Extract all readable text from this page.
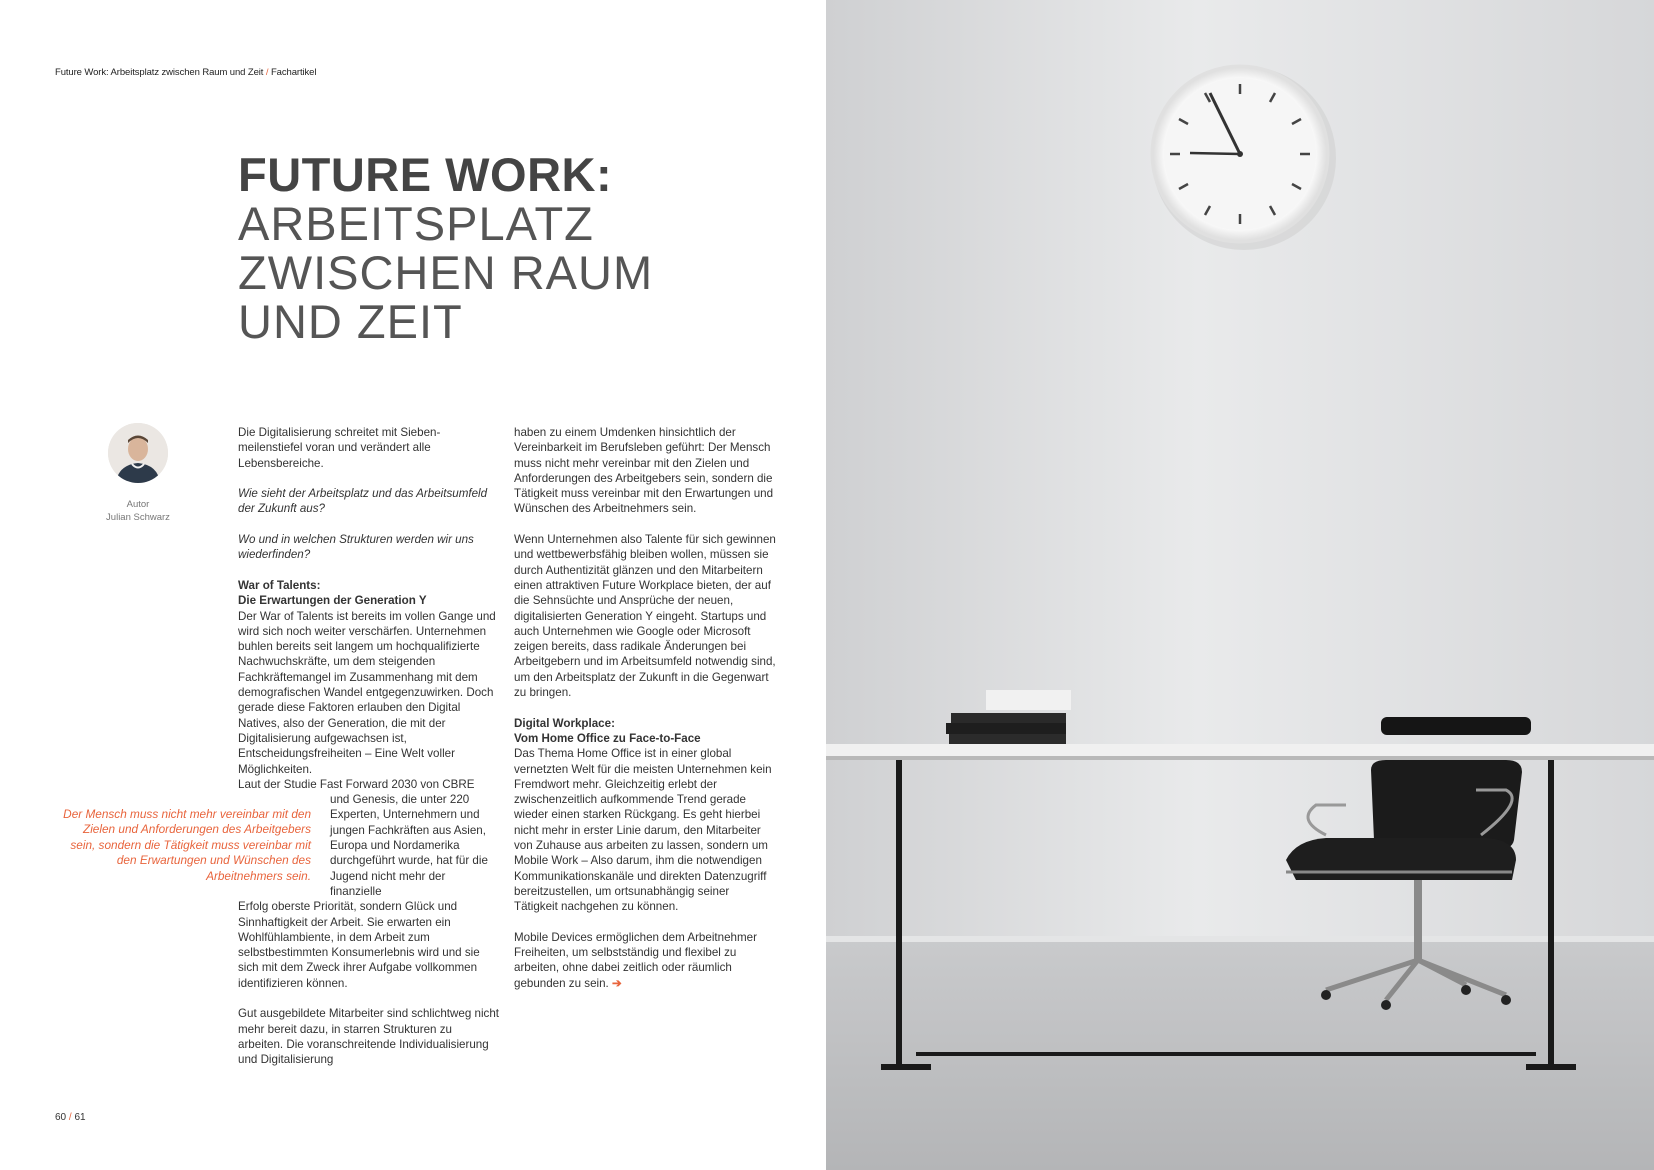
Future Work: Arbeitsplatz zwischen Raum und Zeit / Fachartikel
FUTURE WORK:
ARBEITSPLATZ
ZWISCHEN RAUM
UND ZEIT
Autor
Julian Schwarz

Die Digitalisierung schreitet mit Sieben-meilenstiefel voran und verändert alle Lebensbereiche.

Wie sieht der Arbeitsplatz und das Arbeitsumfeld der Zukunft aus?

Wo und in welchen Strukturen werden wir uns wiederfinden?

War of Talents:
Die Erwartungen der Generation Y
Der War of Talents ist bereits im vollen Gange und wird sich noch weiter verschärfen. Unternehmen buhlen bereits seit langem um hochqualifizierte Nachwuchskräfte, um dem steigenden Fachkräftemangel im Zusammenhang mit dem demografischen Wandel entgegenzuwirken. Doch gerade diese Faktoren erlauben den Digital Natives, also der Generation, die mit der Digitalisierung aufgewachsen ist, Entscheidungsfreiheiten – Eine Welt voller Möglichkeiten.
Laut der Studie Fast Forward 2030 von CBRE
und Genesis, die unter 220 Experten, Unternehmern und jungen Fachkräften aus Asien, Europa und Nordamerika durchgeführt wurde, hat für die Jugend nicht mehr der finanzielle

Erfolg oberste Priorität, sondern Glück und Sinnhaftigkeit der Arbeit. Sie erwarten ein Wohlfühlambiente, in dem Arbeit zum selbstbestimmten Konsumerlebnis wird und sie sich mit dem Zweck ihrer Aufgabe vollkommen identifizieren können.

Gut ausgebildete Mitarbeiter sind schlichtweg nicht mehr bereit dazu, in starren Strukturen zu arbeiten. Die voranschreitende Individualisierung und Digitalisierung

haben zu einem Umdenken hinsichtlich der Vereinbarkeit im Berufsleben geführt: Der Mensch muss nicht mehr vereinbar mit den Zielen und Anforderungen des Arbeitgebers sein, sondern die Tätigkeit muss vereinbar mit den Erwartungen und Wünschen des Arbeitnehmers sein.

Wenn Unternehmen also Talente für sich gewinnen und wettbewerbsfähig bleiben wollen, müssen sie durch Authentizität glänzen und den Mitarbeitern einen attraktiven Future Workplace bieten, der auf die Sehnsüchte und Ansprüche der neuen, digitalisierten Generation Y eingeht. Startups und auch Unternehmen wie Google oder Microsoft zeigen bereits, dass radikale Änderungen bei Arbeitgebern und im Arbeitsumfeld notwendig sind, um den Arbeitsplatz der Zukunft in die Gegenwart zu bringen.

Digital Workplace:
Vom Home Office zu Face-to-Face

Das Thema Home Office ist in einer global vernetzten Welt für die meisten Unternehmen kein Fremdwort mehr. Gleichzeitig erlebt der zwischenzeitlich aufkommende Trend gerade wieder einen starken Rückgang. Es geht hierbei nicht mehr in erster Linie darum, den Mitarbeiter von Zuhause aus arbeiten zu lassen, sondern um Mobile Work – Also darum, ihm die notwendigen Kommunikationskanäle und direkten Datenzugriff bereitzustellen, um ortsunabhängig seiner Tätigkeit nachgehen zu können.

Mobile Devices ermöglichen dem Arbeitnehmer Freiheiten, um selbstständig und flexibel zu arbeiten, ohne dabei zeitlich oder räumlich gebunden zu sein. ➔

Der Mensch muss nicht mehr vereinbar mit den Zielen und Anforderungen des Arbeitgebers sein, sondern die Tätigkeit muss vereinbar mit den Erwartungen und Wünschen des Arbeitnehmers sein.
60 / 61
